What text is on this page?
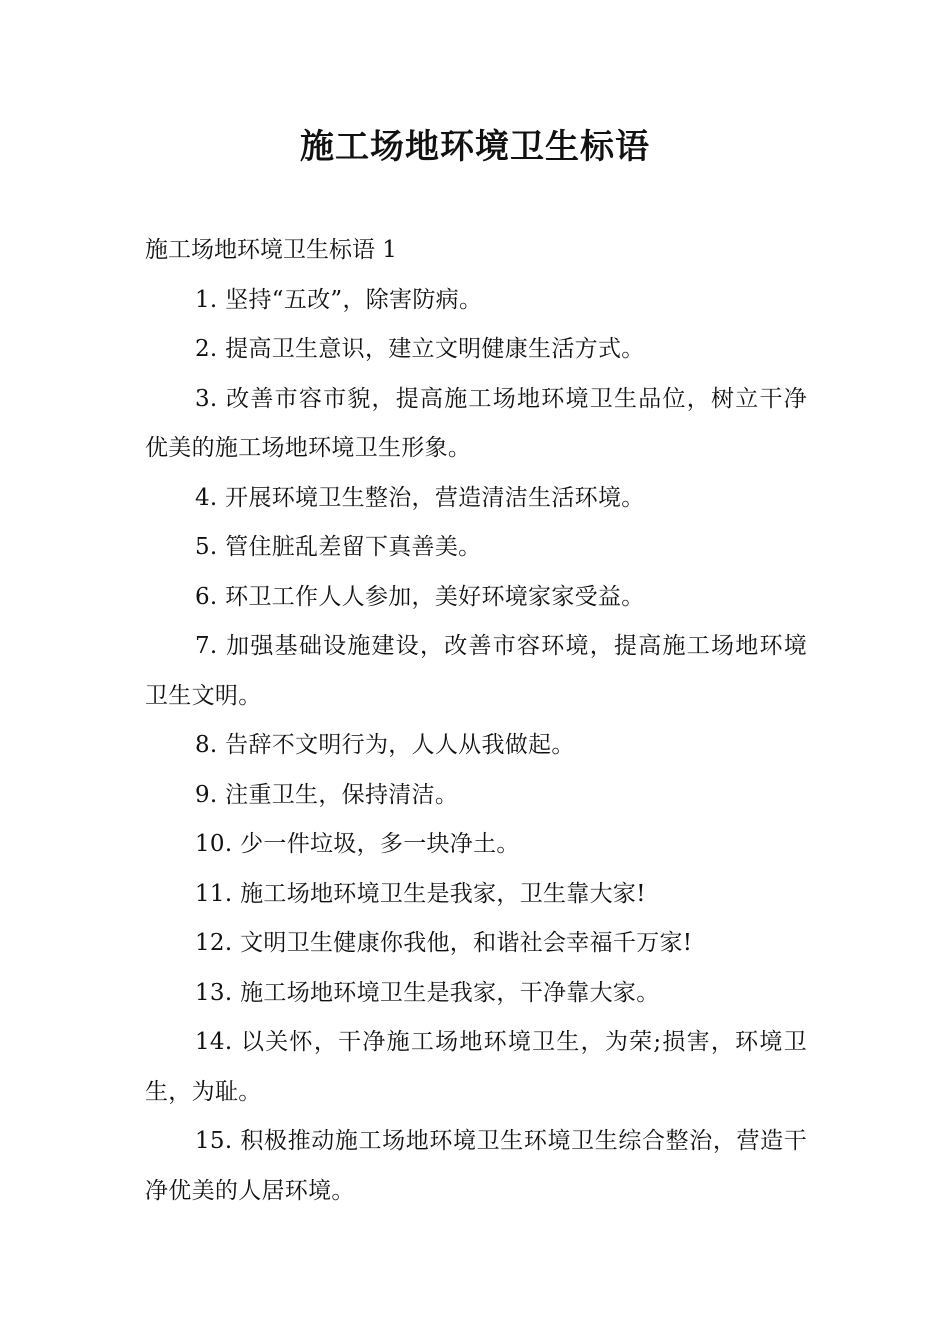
施工场地环境卫生标语
施工场地环境卫生标语 1

1. 坚持“五改”，除害防病。

2. 提高卫生意识，建立文明健康生活方式。

3. 改善市容市貌，提高施工场地环境卫生品位，树立干净优美的施工场地环境卫生形象。

4. 开展环境卫生整治，营造清洁生活环境。

5. 管住脏乱差留下真善美。

6. 环卫工作人人参加，美好环境家家受益。

7. 加强基础设施建设，改善市容环境，提高施工场地环境卫生文明。

8. 告辞不文明行为，人人从我做起。

9. 注重卫生，保持清洁。

10. 少一件垃圾，多一块净土。

11. 施工场地环境卫生是我家，卫生靠大家!

12. 文明卫生健康你我他，和谐社会幸福千万家!

13. 施工场地环境卫生是我家，干净靠大家。

14. 以关怀，干净施工场地环境卫生，为荣;损害，环境卫生，为耻。

15. 积极推动施工场地环境卫生环境卫生综合整治，营造干净优美的人居环境。
